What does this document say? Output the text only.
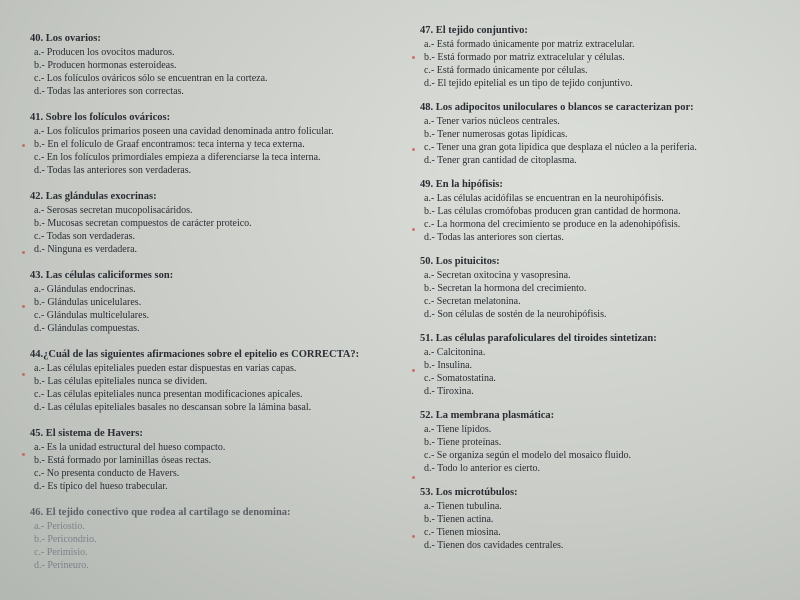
40. Los ovarios:
a.- Producen los ovocitos maduros.
b.- Producen hormonas esteroideas.
c.- Los folículos ováricos sólo se encuentran en la corteza.
d.- Todas las anteriores son correctas.
41. Sobre los folículos ováricos:
a.- Los folículos primarios poseen una cavidad denominada antro folicular.
b.- En el folículo de Graaf encontramos: teca interna y teca externa.
c.- En los folículos primordiales empieza a diferenciarse la teca interna.
d.- Todas las anteriores son verdaderas.
42. Las glándulas exocrinas:
a.- Serosas secretan mucopolisacáridos.
b.- Mucosas secretan compuestos de carácter proteico.
c.- Todas son verdaderas.
d.- Ninguna es verdadera.
43. Las células caliciformes son:
a.- Glándulas endocrinas.
b.- Glándulas unicelulares.
c.- Glándulas multicelulares.
d.- Glándulas compuestas.
44.¿Cuál de las siguientes afirmaciones sobre el epitelio es CORRECTA?:
a.- Las células epiteliales pueden estar dispuestas en varias capas.
b.- Las células epiteliales nunca se dividen.
c.- Las células epiteliales nunca presentan modificaciones apicales.
d.- Las células epiteliales basales no descansan sobre la lámina basal.
45. El sistema de Havers:
a.- Es la unidad estructural del hueso compacto.
b.- Está formado por laminillas óseas rectas.
c.- No presenta conducto de Havers.
d.- Es típico del hueso trabecular.
46. El tejido conectivo que rodea al cartílago se denomina:
a.- Periostio.
b.- Pericondrio.
c.- Perimisio.
d.- Perineuro.
47. El tejido conjuntivo:
a.- Está formado únicamente por matriz extracelular.
b.- Está formado por matriz extracelular y células.
c.- Está formado únicamente por células.
d.- El tejido epitelial es un tipo de tejido conjuntivo.
48. Los adipocitos uniloculares o blancos se caracterizan por:
a.- Tener varios núcleos centrales.
b.- Tener numerosas gotas lipídicas.
c.- Tener una gran gota lipídica que desplaza el núcleo a la periferia.
d.- Tener gran cantidad de citoplasma.
49. En la hipófisis:
a.- Las células acidófilas se encuentran en la neurohipófisis.
b.- Las células cromófobas producen gran cantidad de hormona.
c.- La hormona del crecimiento se produce en la adenohipófisis.
d.- Todas las anteriores son ciertas.
50. Los pituicitos:
a.- Secretan oxitocina y vasopresina.
b.- Secretan la hormona del crecimiento.
c.- Secretan melatonina.
d.- Son células de sostén de la neurohipófisis.
51. Las células parafoliculares del tiroides sintetizan:
a.- Calcitonina.
b.- Insulina.
c.- Somatostatina.
d.- Tiroxina.
52. La membrana plasmática:
a.- Tiene lípidos.
b.- Tiene proteínas.
c.- Se organiza según el modelo del mosaico fluido.
d.- Todo lo anterior es cierto.
53. Los microtúbulos:
a.- Tienen tubulina.
b.- Tienen actina.
c.- Tienen miosina.
d.- Tienen dos cavidades centrales.
